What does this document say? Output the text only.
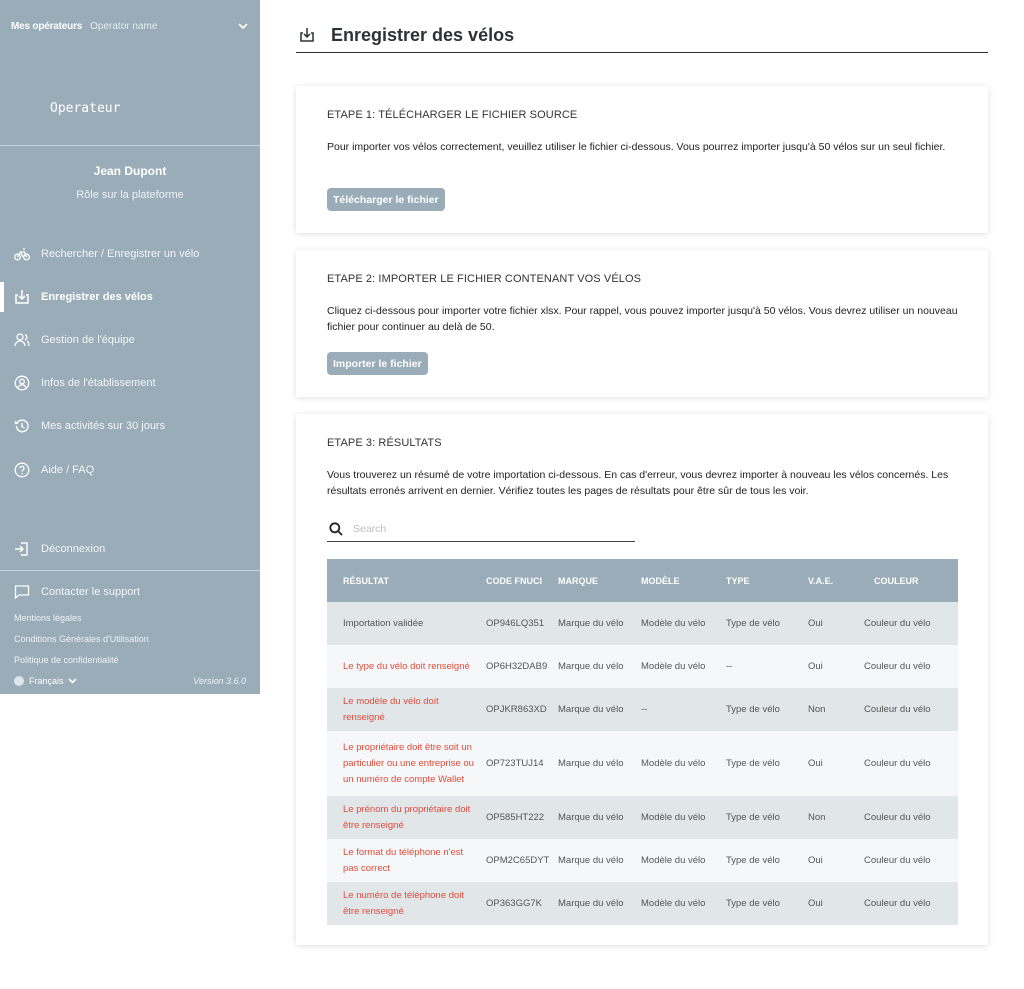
Mes opérateurs Operator name
Operateur
Jean Dupont
Rôle sur la plateforme
Rechercher / Enregistrer un vélo
Enregistrer des vélos
Gestion de l'équipe
Infos de l'établissement
Mes activités sur 30 jours
Aide / FAQ
Déconnexion
Contacter le support
Mentions légales
Conditions Générales d'Utilisation
Politique de confidentialité
Français	Version 3.6.0
Enregistrer des vélos
ETAPE 1: TÉLÉCHARGER LE FICHIER SOURCE
Pour importer vos vélos correctement, veuillez utiliser le fichier ci-dessous. Vous pourrez importer jusqu'à 50 vélos sur un seul fichier.
Télécharger le fichier
ETAPE 2: IMPORTER LE FICHIER CONTENANT VOS VÉLOS
Cliquez ci-dessous pour importer votre fichier xlsx. Pour rappel, vous pouvez importer jusqu'à 50 vélos. Vous devrez utiliser un nouveau fichier pour continuer au delà de 50.
Importer le fichier
ETAPE 3: RÉSULTATS
Vous trouverez un résumé de votre importation ci-dessous. En cas d'erreur, vous devrez importer à nouveau les vélos concernés. Les résultats erronés arrivent en dernier. Vérifiez toutes les pages de résultats pour être sûr de tous les voir.
Search
RÉSULTAT	CODE FNUCI	MARQUE	MODÈLE	TYPE	V.A.E.	COULEUR
Importation validée	OP946LQ351	Marque du vélo	Modèle du vélo	Type de vélo	Oui	Couleur du vélo
Le type du vélo doit renseigné	OP6H32DAB9	Marque du vélo	Modèle du vélo	--	Oui	Couleur du vélo
Le modèle du vélo doit renseigné	OPJKR863XD	Marque du vélo	--	Type de vélo	Non	Couleur du vélo
Le propriétaire doit être soit un particulier ou une entreprise ou un numéro de compte Wallet	OP723TUJ14	Marque du vélo	Modèle du vélo	Type de vélo	Oui	Couleur du vélo
Le prénom du propriétaire doit être renseigné	OP585HT222	Marque du vélo	Modèle du vélo	Type de vélo	Non	Couleur du vélo
Le format du téléphone n'est pas correct	OPM2C65DYT	Marque du vélo	Modèle du vélo	Type de vélo	Oui	Couleur du vélo
Le numéro de téléphone doit être renseigné	OP363GG7K	Marque du vélo	Modèle du vélo	Type de vélo	Oui	Couleur du vélo
